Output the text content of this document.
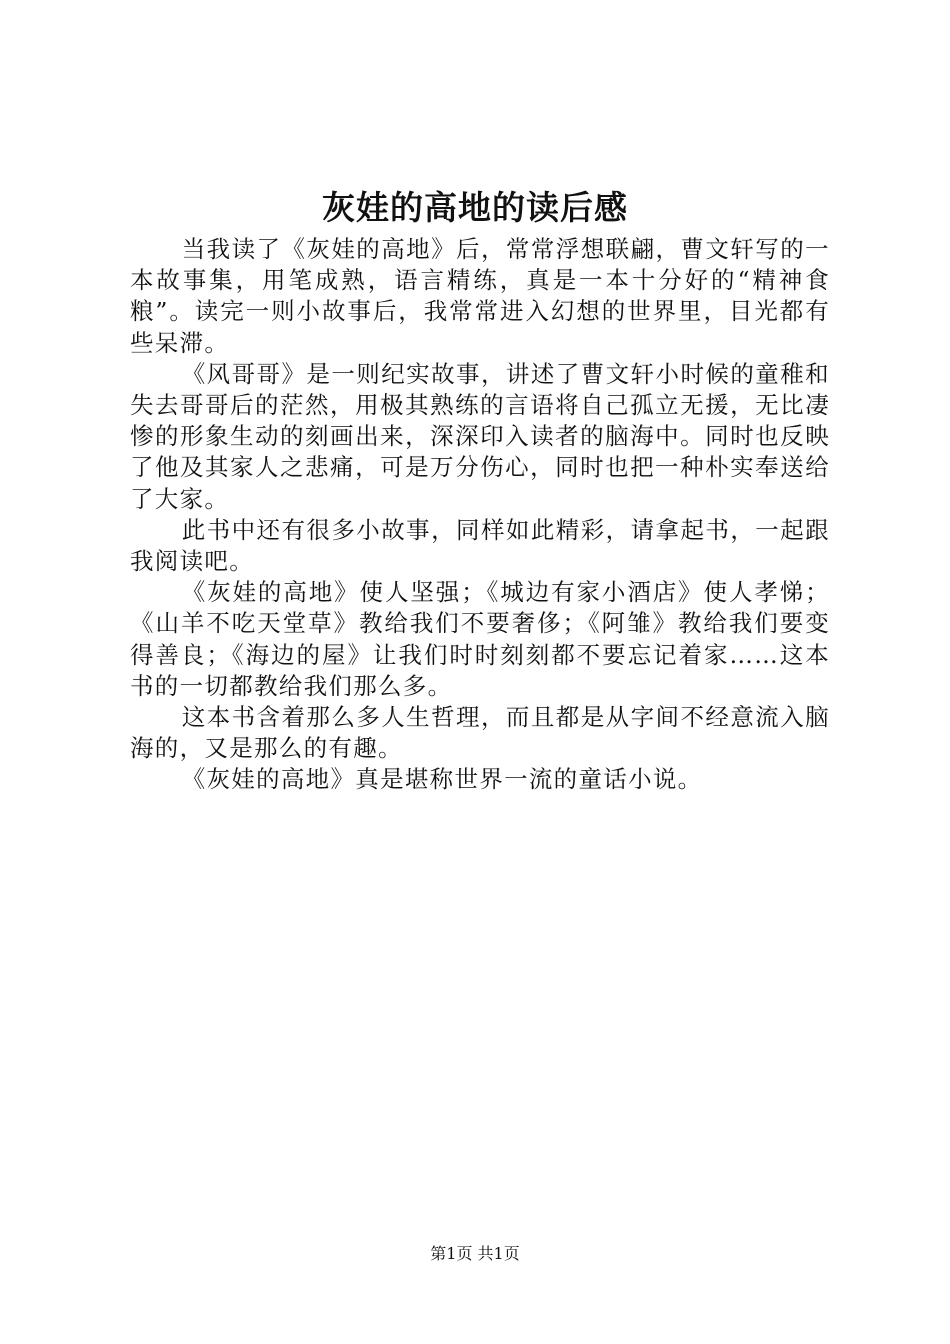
灰娃的高地的读后感

当我读了《灰娃的高地》后，常常浮想联翩，曹文轩写的一本故事集，用笔成熟，语言精练，真是一本十分好的“精神食粮”。读完一则小故事后，我常常进入幻想的世界里，目光都有些呆滞。

《风哥哥》是一则纪实故事，讲述了曹文轩小时候的童稚和失去哥哥后的茫然，用极其熟练的言语将自己孤立无援，无比凄惨的形象生动的刻画出来，深深印入读者的脑海中。同时也反映了他及其家人之悲痛，可是万分伤心，同时也把一种朴实奉送给了大家。

此书中还有很多小故事，同样如此精彩，请拿起书，一起跟我阅读吧。

《灰娃的高地》使人坚强；《城边有家小酒店》使人孝悌；《山羊不吃天堂草》教给我们不要奢侈；《阿雏》教给我们要变得善良；《海边的屋》让我们时时刻刻都不要忘记着家……这本书的一切都教给我们那么多。

这本书含着那么多人生哲理，而且都是从字间不经意流入脑海的，又是那么的有趣。

《灰娃的高地》真是堪称世界一流的童话小说。

第1页 共1页
